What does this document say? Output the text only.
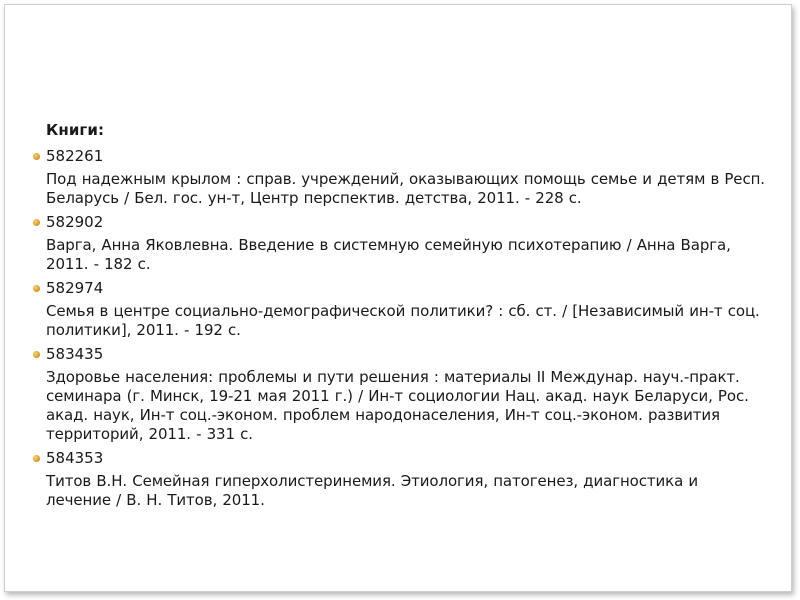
Книги:
582261
Под надежным крылом : справ. учреждений, оказывающих помощь семье и детям в Респ. Беларусь / Бел. гос. ун-т, Центр перспектив. детства, 2011. - 228 с.
582902
Варга, Анна Яковлевна. Введение в системную семейную психотерапию / Анна Варга, 2011. - 182 с.
582974
Семья в центре социально-демографической политики? : сб. ст. / [Независимый ин-т соц. политики], 2011. - 192 с.
583435
Здоровье населения: проблемы и пути решения : материалы II Междунар. науч.-практ. семинара (г. Минск, 19-21 мая 2011 г.) / Ин-т социологии Нац. акад. наук Беларуси, Рос. акад. наук, Ин-т соц.-эконом. проблем народонаселения, Ин-т соц.-эконом. развития территорий, 2011. - 331 с.
584353
Титов В.Н. Семейная гиперхолистеринемия. Этиология, патогенез, диагностика и лечение / В. Н. Титов, 2011.
